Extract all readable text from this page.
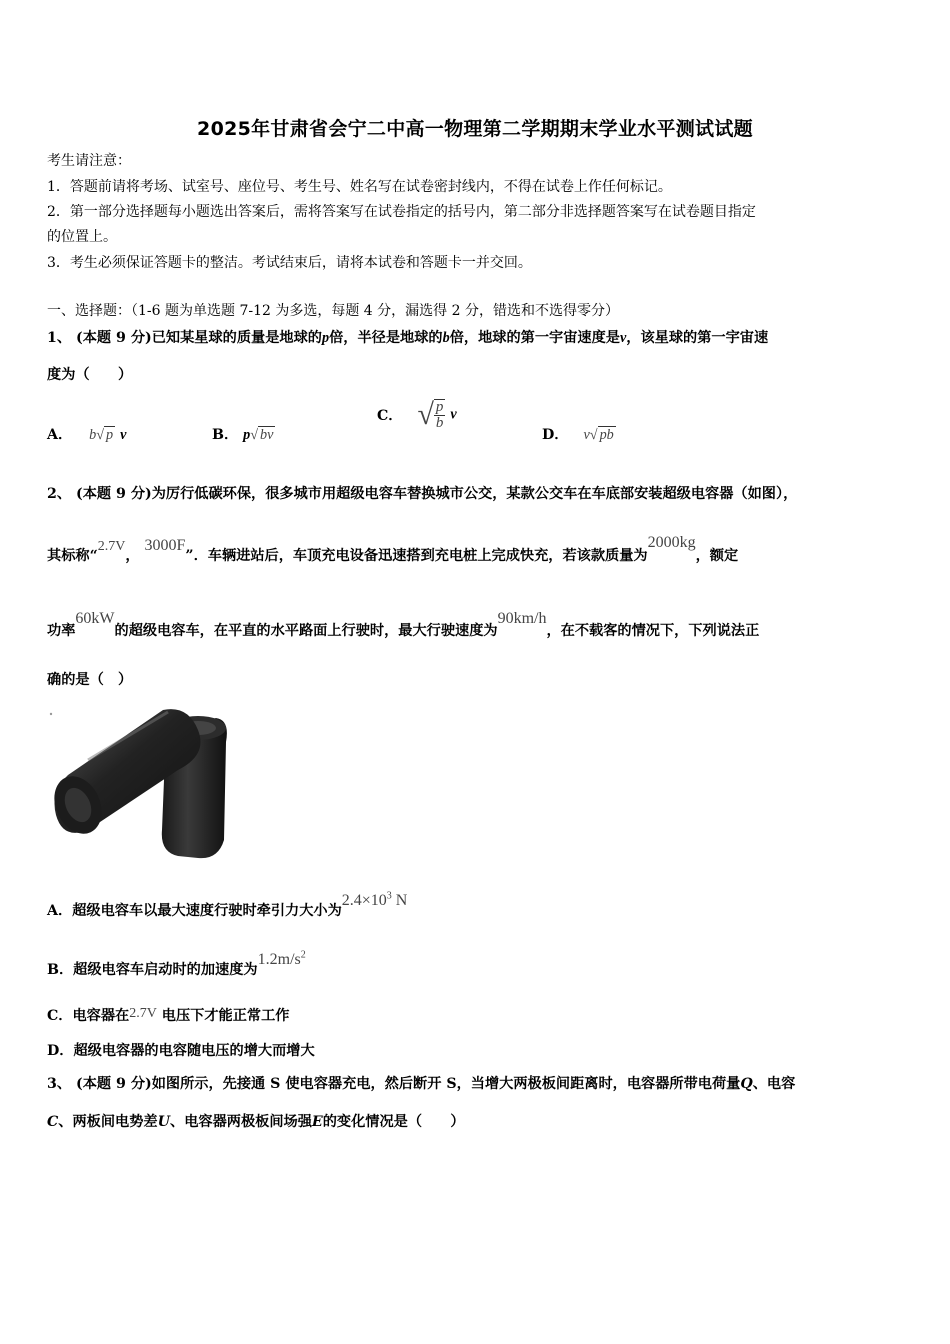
2025年甘肃省会宁二中高一物理第二学期期末学业水平测试试题
考生请注意：
1．答题前请将考场、试室号、座位号、考生号、姓名写在试卷密封线内，不得在试卷上作任何标记。
2．第一部分选择题每小题选出答案后，需将答案写在试卷指定的括号内，第二部分非选择题答案写在试卷题目指定
的位置上。
3．考生必须保证答题卡的整洁。考试结束后，请将本试卷和答题卡一并交回。
一、选择题：（1-6 题为单选题 7-12 为多选，每题 4 分，漏选得 2 分，错选和不选得零分）
1、 (本题 9 分)已知某星球的质量是地球的p倍，半径是地球的b倍，地球的第一宇宙速度是v，该星球的第一宇宙速
度为（　　）
A． b√ p v	B． p√ bv
C． √ $\frac{p}{b}$ v
D． v√ pb
2、 (本题 9 分)为厉行低碳环保，很多城市用超级电容车替换城市公交，某款公交车在车底部安装超级电容器（如图），
其标称“2.7V， 3000F”．车辆进站后，车顶充电设备迅速搭到充电桩上完成快充，若该款质量为2000kg，额定
功率60kW的超级电容车，在平直的水平路面上行驶时，最大行驶速度为90km/h，在不载客的情况下，下列说法正
确的是（　）
A．超级电容车以最大速度行驶时牵引力大小为$2.4\times 10^3$ N
B．超级电容车启动时的加速度为$1.2m/s^2$
C．电容器在2.7V 电压下才能正常工作
D．超级电容器的电容随电压的增大而增大
3、 (本题 9 分)如图所示，先接通 S 使电容器充电，然后断开 S，当增大两极板间距离时，电容器所带电荷量Q、电容
C、两板间电势差U、电容器两极板间场强E的变化情况是（　　）
